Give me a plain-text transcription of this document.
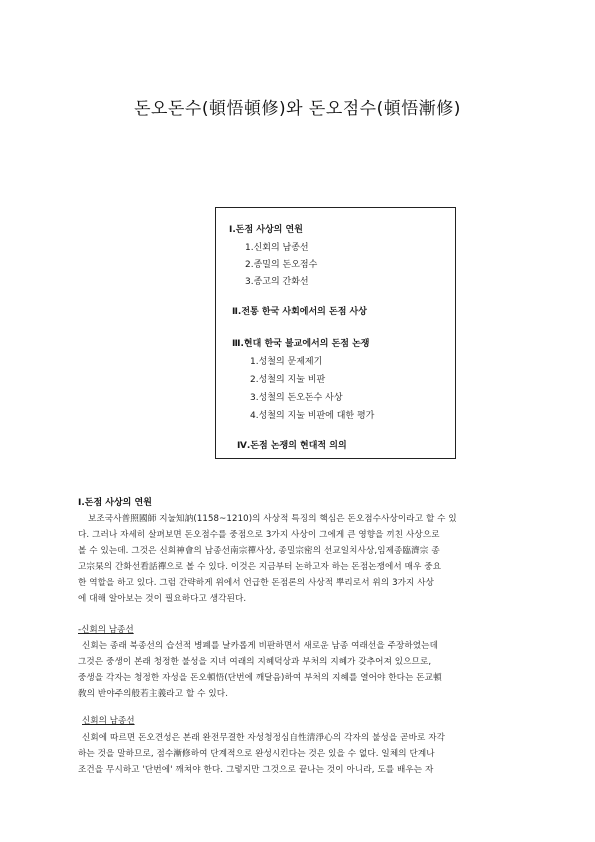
돈오돈수(頓悟頓修)와 돈오점수(頓悟漸修)
Ⅰ.돈점 사상의 연원
1.신회의 남종선
2.종밀의 돈오점수
3.종고의 간화선
Ⅱ.전통 한국 사회에서의 돈점 사상
Ⅲ.현대 한국 불교에서의 돈점 논쟁
1.성철의 문제제기
2.성철의 지눌 비판
3.성철의 돈오돈수 사상
4.성철의 지눌 비판에 대한 평가
Ⅳ.돈점 논쟁의 현대적 의의
Ⅰ.돈점 사상의 연원
보조국사普照國師 지눌知訥(1158~1210)의 사상적 특징의 핵심은 돈오점수사상이라고 할 수 있
다. 그러나 자세히 살펴보면 돈오점수를 중점으로 3가지 사상이 그에게 큰 영향을 끼친 사상으로
볼 수 있는데. 그것은 신회神會의 남종선南宗禪사상, 종밀宗密의 선교일치사상,임제종臨濟宗 종
고宗杲의 간화선看話禪으로 볼 수 있다. 이것은 지금부터 논하고자 하는 돈점논쟁에서 매우 중요
한 역할을 하고 있다. 그럼 간략하게 위에서 언급한 돈점론의 사상적 뿌리로서 위의 3가지 사상
에 대해 알아보는 것이 필요하다고 생각된다.
-신회의 남종선
신회는 종래 북종선의 습선적 병폐를 날카롭게 비판하면서 새로운 남종 여래선을 주장하였는데
그것은 중생이 본래 청정한 불성을 지녀 여래의 지혜덕상과 부처의 지혜가 갖추어져 있으므로,
중생을 각자는 청정한 자성을 돈오頓悟(단번에 깨달음)하여 부처의 지혜를 열어야 한다는 돈교頓
敎의 반야주의般若主義라고 할 수 있다.
신회의 남종선
신회에 따르면 돈오견성은 본래 완전무결한 자성청정심自性淸淨心의 각자의 불성을 곧바로 자각
하는 것을 말하므로, 점수漸修하여 단계적으로 완성시킨다는 것은 있을 수 없다. 일체의 단계나
조건을 무시하고 '단번에' 깨쳐야 한다. 그렇지만 그것으로 끝나는 것이 아니라, 도를 배우는 자
